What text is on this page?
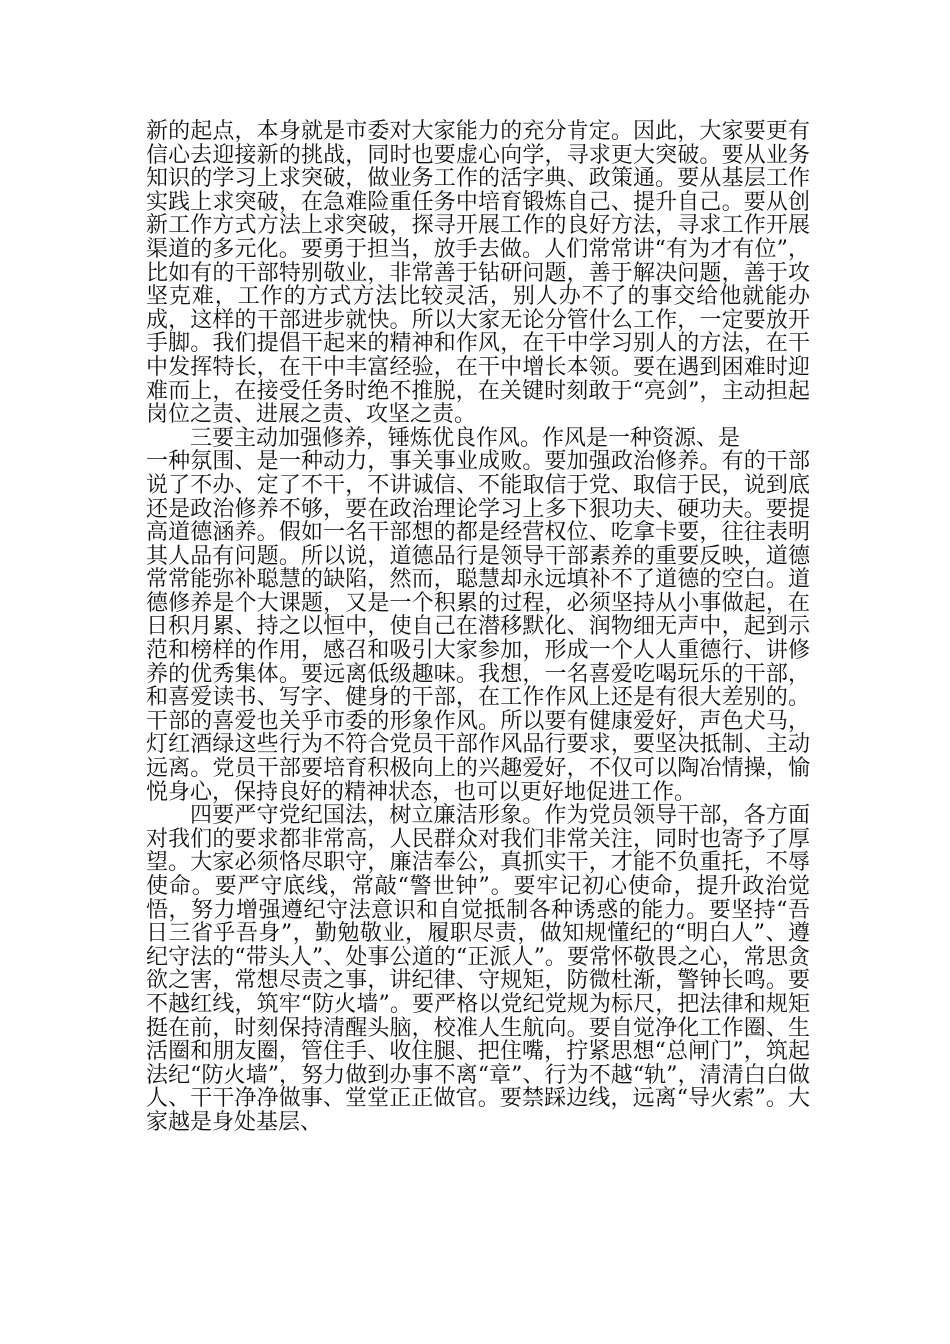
新的起点，本身就是市委对大家能力的充分肯定。因此，大家要更有信心去迎接新的挑战，同时也要虚心向学，寻求更大突破。要从业务知识的学习上求突破，做业务工作的活字典、政策通。要从基层工作实践上求突破，在急难险重任务中培育锻炼自己、提升自己。要从创新工作方式方法上求突破，探寻开展工作的良好方法，寻求工作开展渠道的多元化。要勇于担当，放手去做。人们常常讲“有为才有位”，比如有的干部特别敬业，非常善于钻研问题，善于解决问题，善于攻坚克难，工作的方式方法比较灵活，别人办不了的事交给他就能办成，这样的干部进步就快。所以大家无论分管什么工作，一定要放开手脚。我们提倡干起来的精神和作风，在干中学习别人的方法，在干中发挥特长，在干中丰富经验，在干中增长本领。要在遇到困难时迎难而上，在接受任务时绝不推脱，在关键时刻敢于“亮剑”，主动担起岗位之责、进展之责、攻坚之责。

三要主动加强修养，锤炼优良作风。作风是一种资源、是

一种氛围、是一种动力，事关事业成败。要加强政治修养。有的干部说了不办、定了不干，不讲诚信、不能取信于党、取信于民，说到底还是政治修养不够，要在政治理论学习上多下狠功夫、硬功夫。要提高道德涵养。假如一名干部想的都是经营权位、吃拿卡要，往往表明其人品有问题。所以说，道德品行是领导干部素养的重要反映，道德常常能弥补聪慧的缺陷，然而，聪慧却永远填补不了道德的空白。道德修养是个大课题，又是一个积累的过程，必须坚持从小事做起，在日积月累、持之以恒中，使自己在潜移默化、润物细无声中，起到示范和榜样的作用，感召和吸引大家参加，形成一个人人重德行、讲修养的优秀集体。要远离低级趣味。我想，一名喜爱吃喝玩乐的干部，和喜爱读书、写字、健身的干部，在工作作风上还是有很大差别的。干部的喜爱也关乎市委的形象作风。所以要有健康爱好，声色犬马，灯红酒绿这些行为不符合党员干部作风品行要求，要坚决抵制、主动远离。党员干部要培育积极向上的兴趣爱好，不仅可以陶冶情操，愉悦身心，保持良好的精神状态，也可以更好地促进工作。

四要严守党纪国法，树立廉洁形象。作为党员领导干部，各方面对我们的要求都非常高，人民群众对我们非常关注，同时也寄予了厚望。大家必须恪尽职守，廉洁奉公，真抓实干，才能不负重托，不辱使命。要严守底线，常敲“警世钟”。要牢记初心使命，提升政治觉悟，努力增强遵纪守法意识和自觉抵制各种诱惑的能力。要坚持“吾日三省乎吾身”，勤勉敬业，履职尽责，做知规懂纪的“明白人”、遵纪守法的“带头人”、处事公道的“正派人”。要常怀敬畏之心，常思贪欲之害，常想尽责之事，讲纪律、守规矩，防微杜渐，警钟长鸣。要不越红线，筑牢“防火墙”。要严格以党纪党规为标尺，把法律和规矩挺在前，时刻保持清醒头脑，校准人生航向。要自觉净化工作圈、生活圈和朋友圈，管住手、收住腿、把住嘴，拧紧思想“总闸门”，筑起法纪“防火墙”，努力做到办事不离“章”、行为不越“轨”，清清白白做人、干干净净做事、堂堂正正做官。要禁踩边线，远离“导火索”。大家越是身处基层、
